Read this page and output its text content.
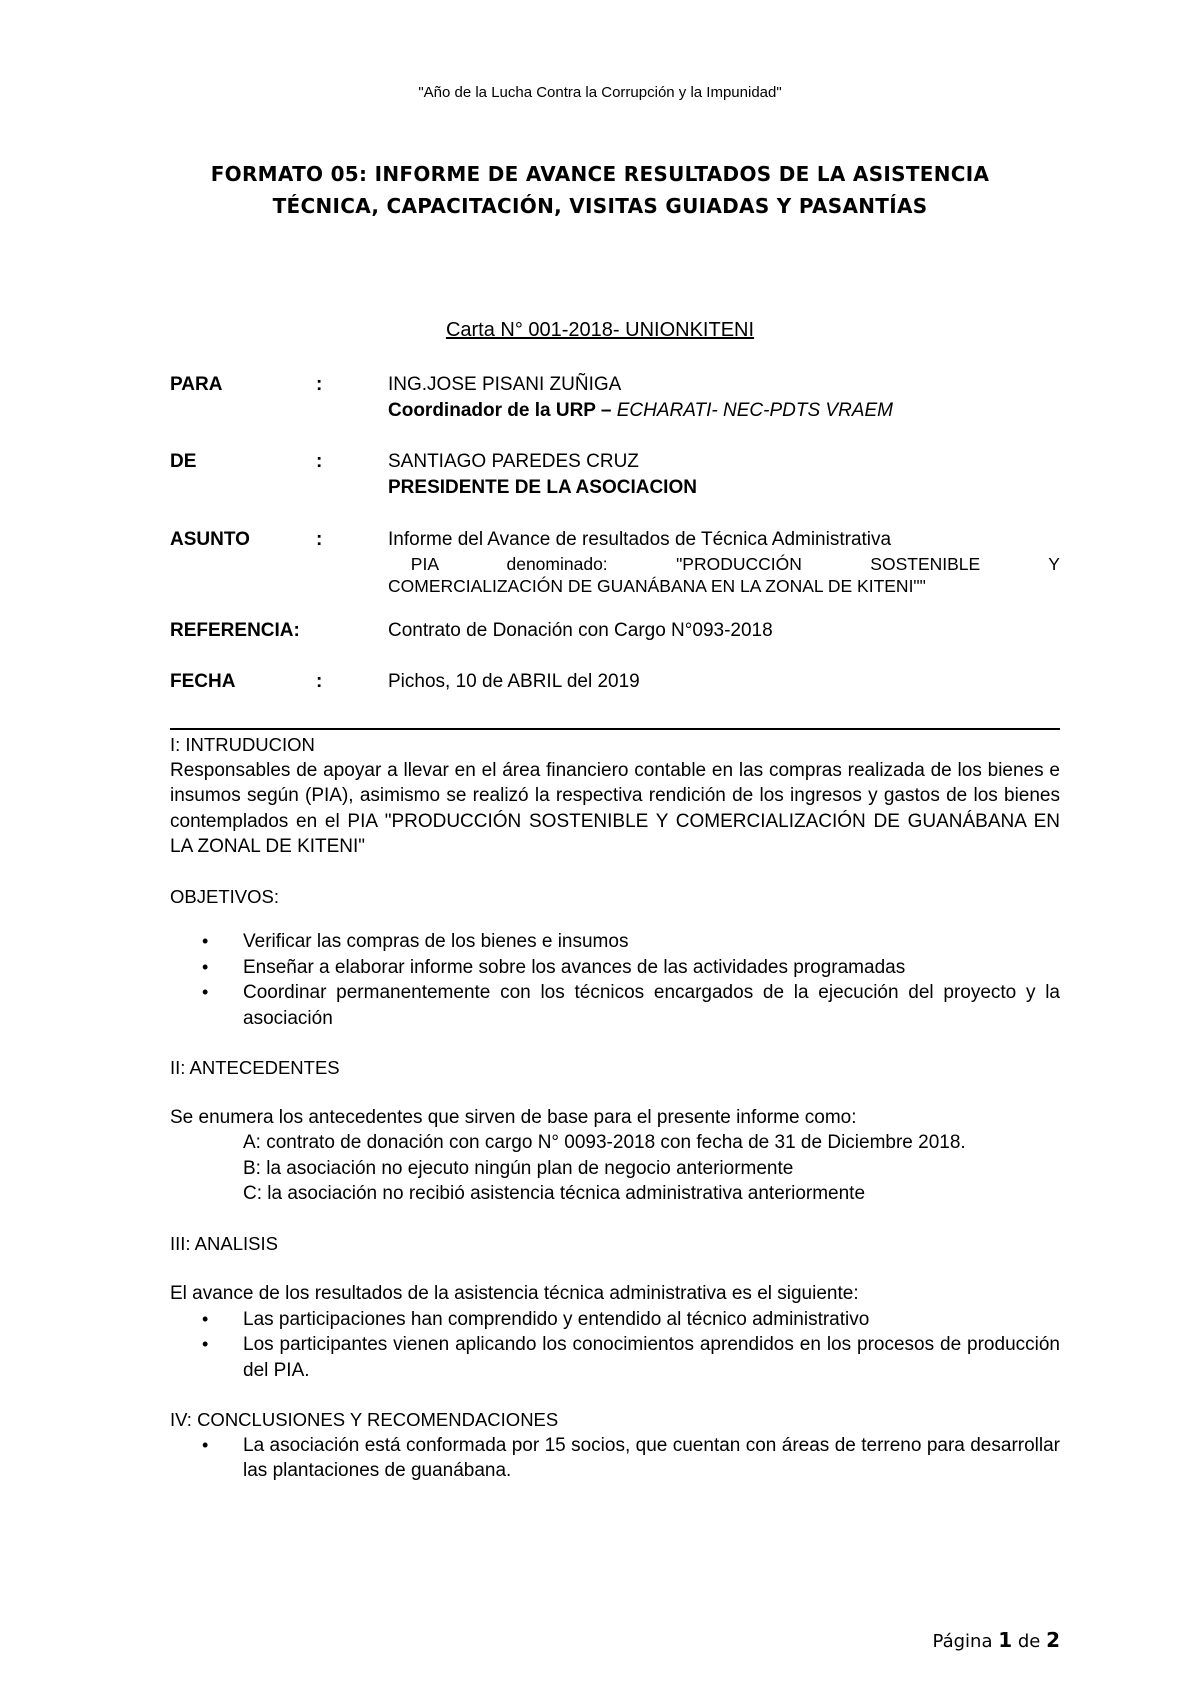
"Año de la Lucha Contra la Corrupción y la Impunidad"
FORMATO 05: INFORME DE AVANCE RESULTADOS DE LA ASISTENCIA
TÉCNICA, CAPACITACIÓN, VISITAS GUIADAS Y PASANTÍAS
Carta N° 001-2018- UNIONKITENI
PARA	:	ING.JOSE PISANI ZUÑIGA
Coordinador de la URP – ECHARATI- NEC-PDTS VRAEM
DE	:	SANTIAGO PAREDES CRUZ
PRESIDENTE DE LA ASOCIACION
ASUNTO	:	Informe del Avance de resultados de Técnica Administrativa
PIA   denominado:   "PRODUCCIÓN   SOSTENIBLE   Y
COMERCIALIZACIÓN DE GUANÁBANA EN LA ZONAL DE KITENI""
REFERENCIA:	Contrato de Donación con Cargo N°093-2018
FECHA	:	Pichos, 10 de ABRIL del 2019

I: INTRUDUCION

Responsables de apoyar a llevar en el área financiero contable en las compras realizada de los bienes e insumos según (PIA), asimismo se realizó la respectiva rendición de los ingresos y gastos de los bienes contemplados en el PIA "PRODUCCIÓN SOSTENIBLE Y COMERCIALIZACIÓN DE GUANÁBANA EN LA ZONAL DE KITENI"

OBJETIVOS:

• Verificar las compras de los bienes e insumos
• Enseñar a elaborar informe sobre los avances de las actividades programadas
• Coordinar permanentemente con los técnicos encargados de la ejecución del proyecto y la asociación

II: ANTECEDENTES

Se enumera los antecedentes que sirven de base para el presente informe como:

A: contrato de donación con cargo N° 0093-2018 con fecha de 31 de Diciembre 2018.

B: la asociación no ejecuto ningún plan de negocio anteriormente

C: la asociación no recibió asistencia técnica administrativa anteriormente

III: ANALISIS

El avance de los resultados de la asistencia técnica administrativa es el siguiente:

• Las participaciones han comprendido y entendido al técnico administrativo
• Los participantes vienen aplicando los conocimientos aprendidos en los procesos de producción del PIA.

IV: CONCLUSIONES Y RECOMENDACIONES

• La asociación está conformada por 15 socios, que cuentan con áreas de terreno para desarrollar las plantaciones de guanábana.
Página 1 de 2
